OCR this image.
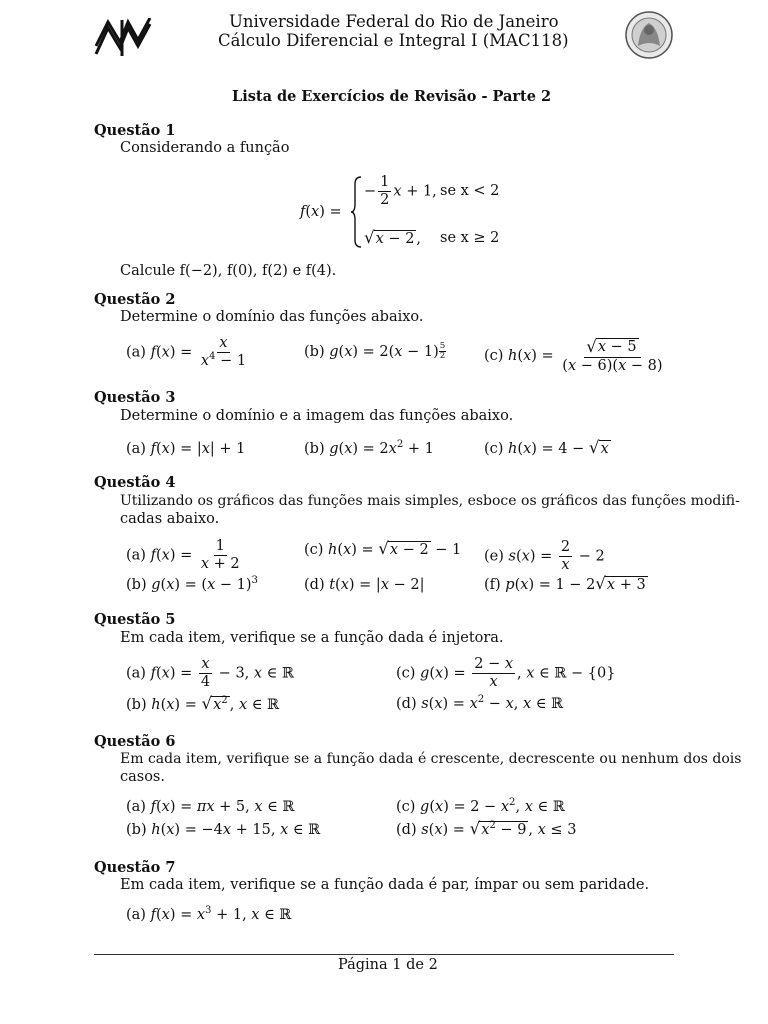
Universidade Federal do Rio de Janeiro
Cálculo Diferencial e Integral I (MAC118)
Lista de Exercícios de Revisão - Parte 2
Questão 1
Considerando a função
f(x) =
− $\frac{1}{2}$ x + 1, se x < 2
√ x − 2 , se x ≥ 2
Calcule f(−2), f(0), f(2) e f(4).
Questão 2
Determine o domínio das funções abaixo.
(a) $f(x) = \frac{x}{x^4 - 1}$	(b) $g(x) = 2(x - 1) \frac{5}{2}$	(c) $h(x) = \frac{√ x - 5}{(x - 6)(x - 8)}$
Questão 3
Determine o domínio e a imagem das funções abaixo.
(a) f(x) = |x| + 1	(b) $g(x) = 2x^2 + 1$	(c) h(x) = 4 − √ x
Questão 4
Utilizando os gráficos das funções mais simples, esboce os gráficos das funções modifi-
cadas abaixo.
(a) $f(x) = \frac{1}{x + 2}$	(c) h(x) = √ x − 2 − 1 (e) $s(x) = \frac{2}{x} - 2$
(b) $g(x) = (x - 1)^3$	(d) t(x) = |x − 2|	(f) p(x) = 1 − 2 √ x + 3
Questão 5
Em cada item, verifique se a função dada é injetora.
(a) $f(x) = \frac{x}{4} - 3$, x ∈ ℝ	(c) $g(x) = \frac{2 - x}{x}$ , x ∈ ℝ − {0}
(b) h(x) = √ $x^2$ , x ∈ ℝ	(d) $s(x) = x^2 - x$, x ∈ ℝ
Questão 6
Em cada item, verifique se a função dada é crescente, decrescente ou nenhum dos dois
casos.
(a) f(x) = πx + 5, x ∈ ℝ	(c) $g(x) = 2 - x^2$, x ∈ ℝ
(b) h(x) = −4x + 15, x ∈ ℝ	(d) s(x) = √ $x^2 - 9$ , x ≤ 3
Questão 7
Em cada item, verifique se a função dada é par, ímpar ou sem paridade.
(a) $f(x) = x^3 + 1$, x ∈ ℝ
Página 1 de 2
